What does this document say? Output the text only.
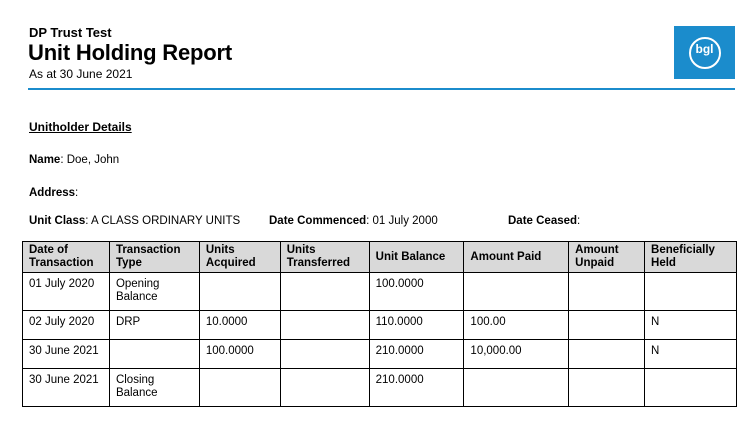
DP Trust Test
Unit Holding Report
As at 30 June 2021
bgl
Unitholder Details
Name: Doe, John
Address:
Unit Class: A CLASS ORDINARY UNITS	Date Commenced: 01 July 2000	Date Ceased:
Date of Transaction	Transaction Type	Units Acquired	Units Transferred	Unit Balance	Amount Paid	Amount Unpaid	Beneficially Held
01 July 2020	Opening Balance			100.0000			
02 July 2020	DRP	10.0000		110.0000	100.00		N
30 June 2021		100.0000		210.0000	10,000.00		N
30 June 2021	Closing Balance			210.0000			
